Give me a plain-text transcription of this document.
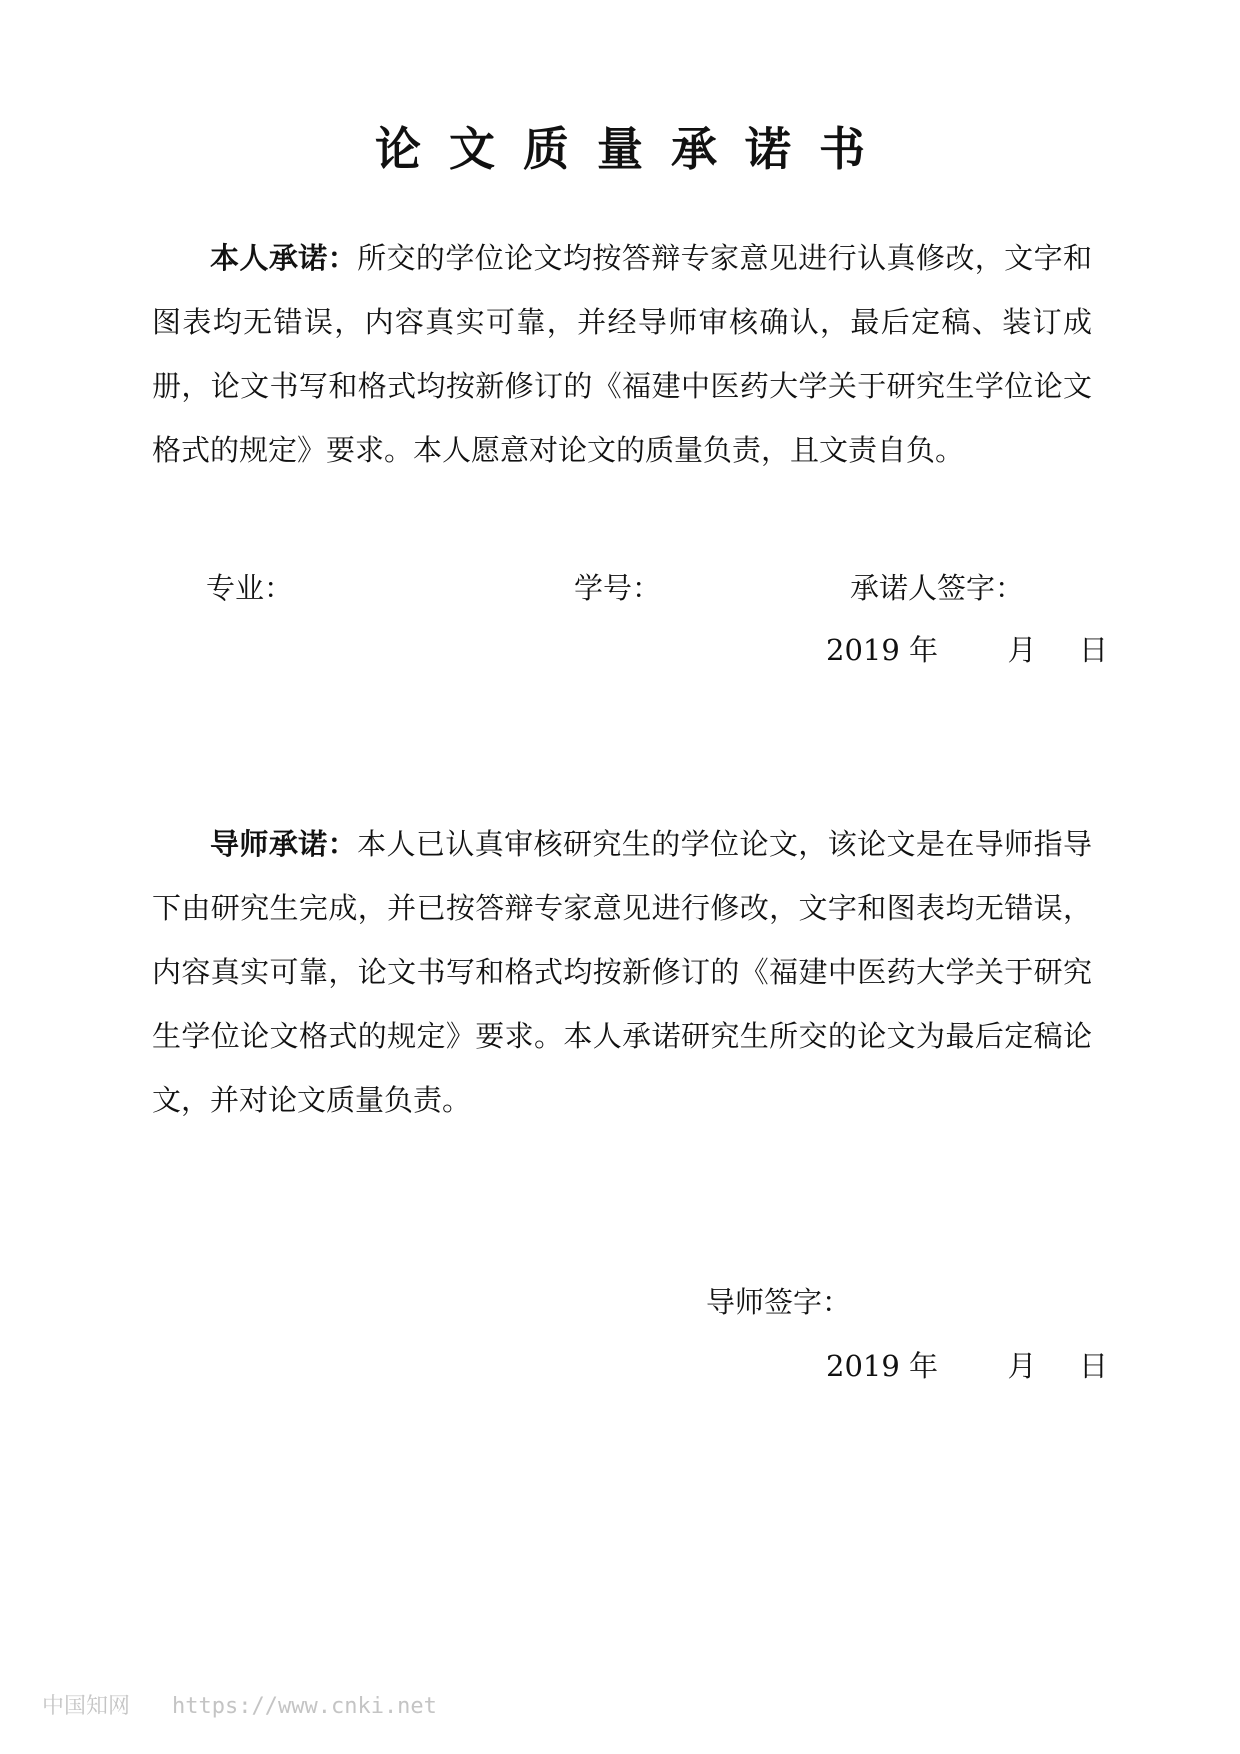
论文质量承诺书

本人承诺：所交的学位论文均按答辩专家意见进行认真修改，文字和图表均无错误，内容真实可靠，并经导师审核确认，最后定稿、装订成册，论文书写和格式均按新修订的《福建中医药大学关于研究生学位论文格式的规定》要求。本人愿意对论文的质量负责，且文责自负。

专业：	学号：	承诺人签字：
2019 年 月 日

导师承诺：本人已认真审核研究生的学位论文，该论文是在导师指导下由研究生完成，并已按答辩专家意见进行修改，文字和图表均无错误，内容真实可靠，论文书写和格式均按新修订的《福建中医药大学关于研究生学位论文格式的规定》要求。本人承诺研究生所交的论文为最后定稿论文，并对论文质量负责。

导师签字：
2019 年 月 日
中国知网 https://www.cnki.net
